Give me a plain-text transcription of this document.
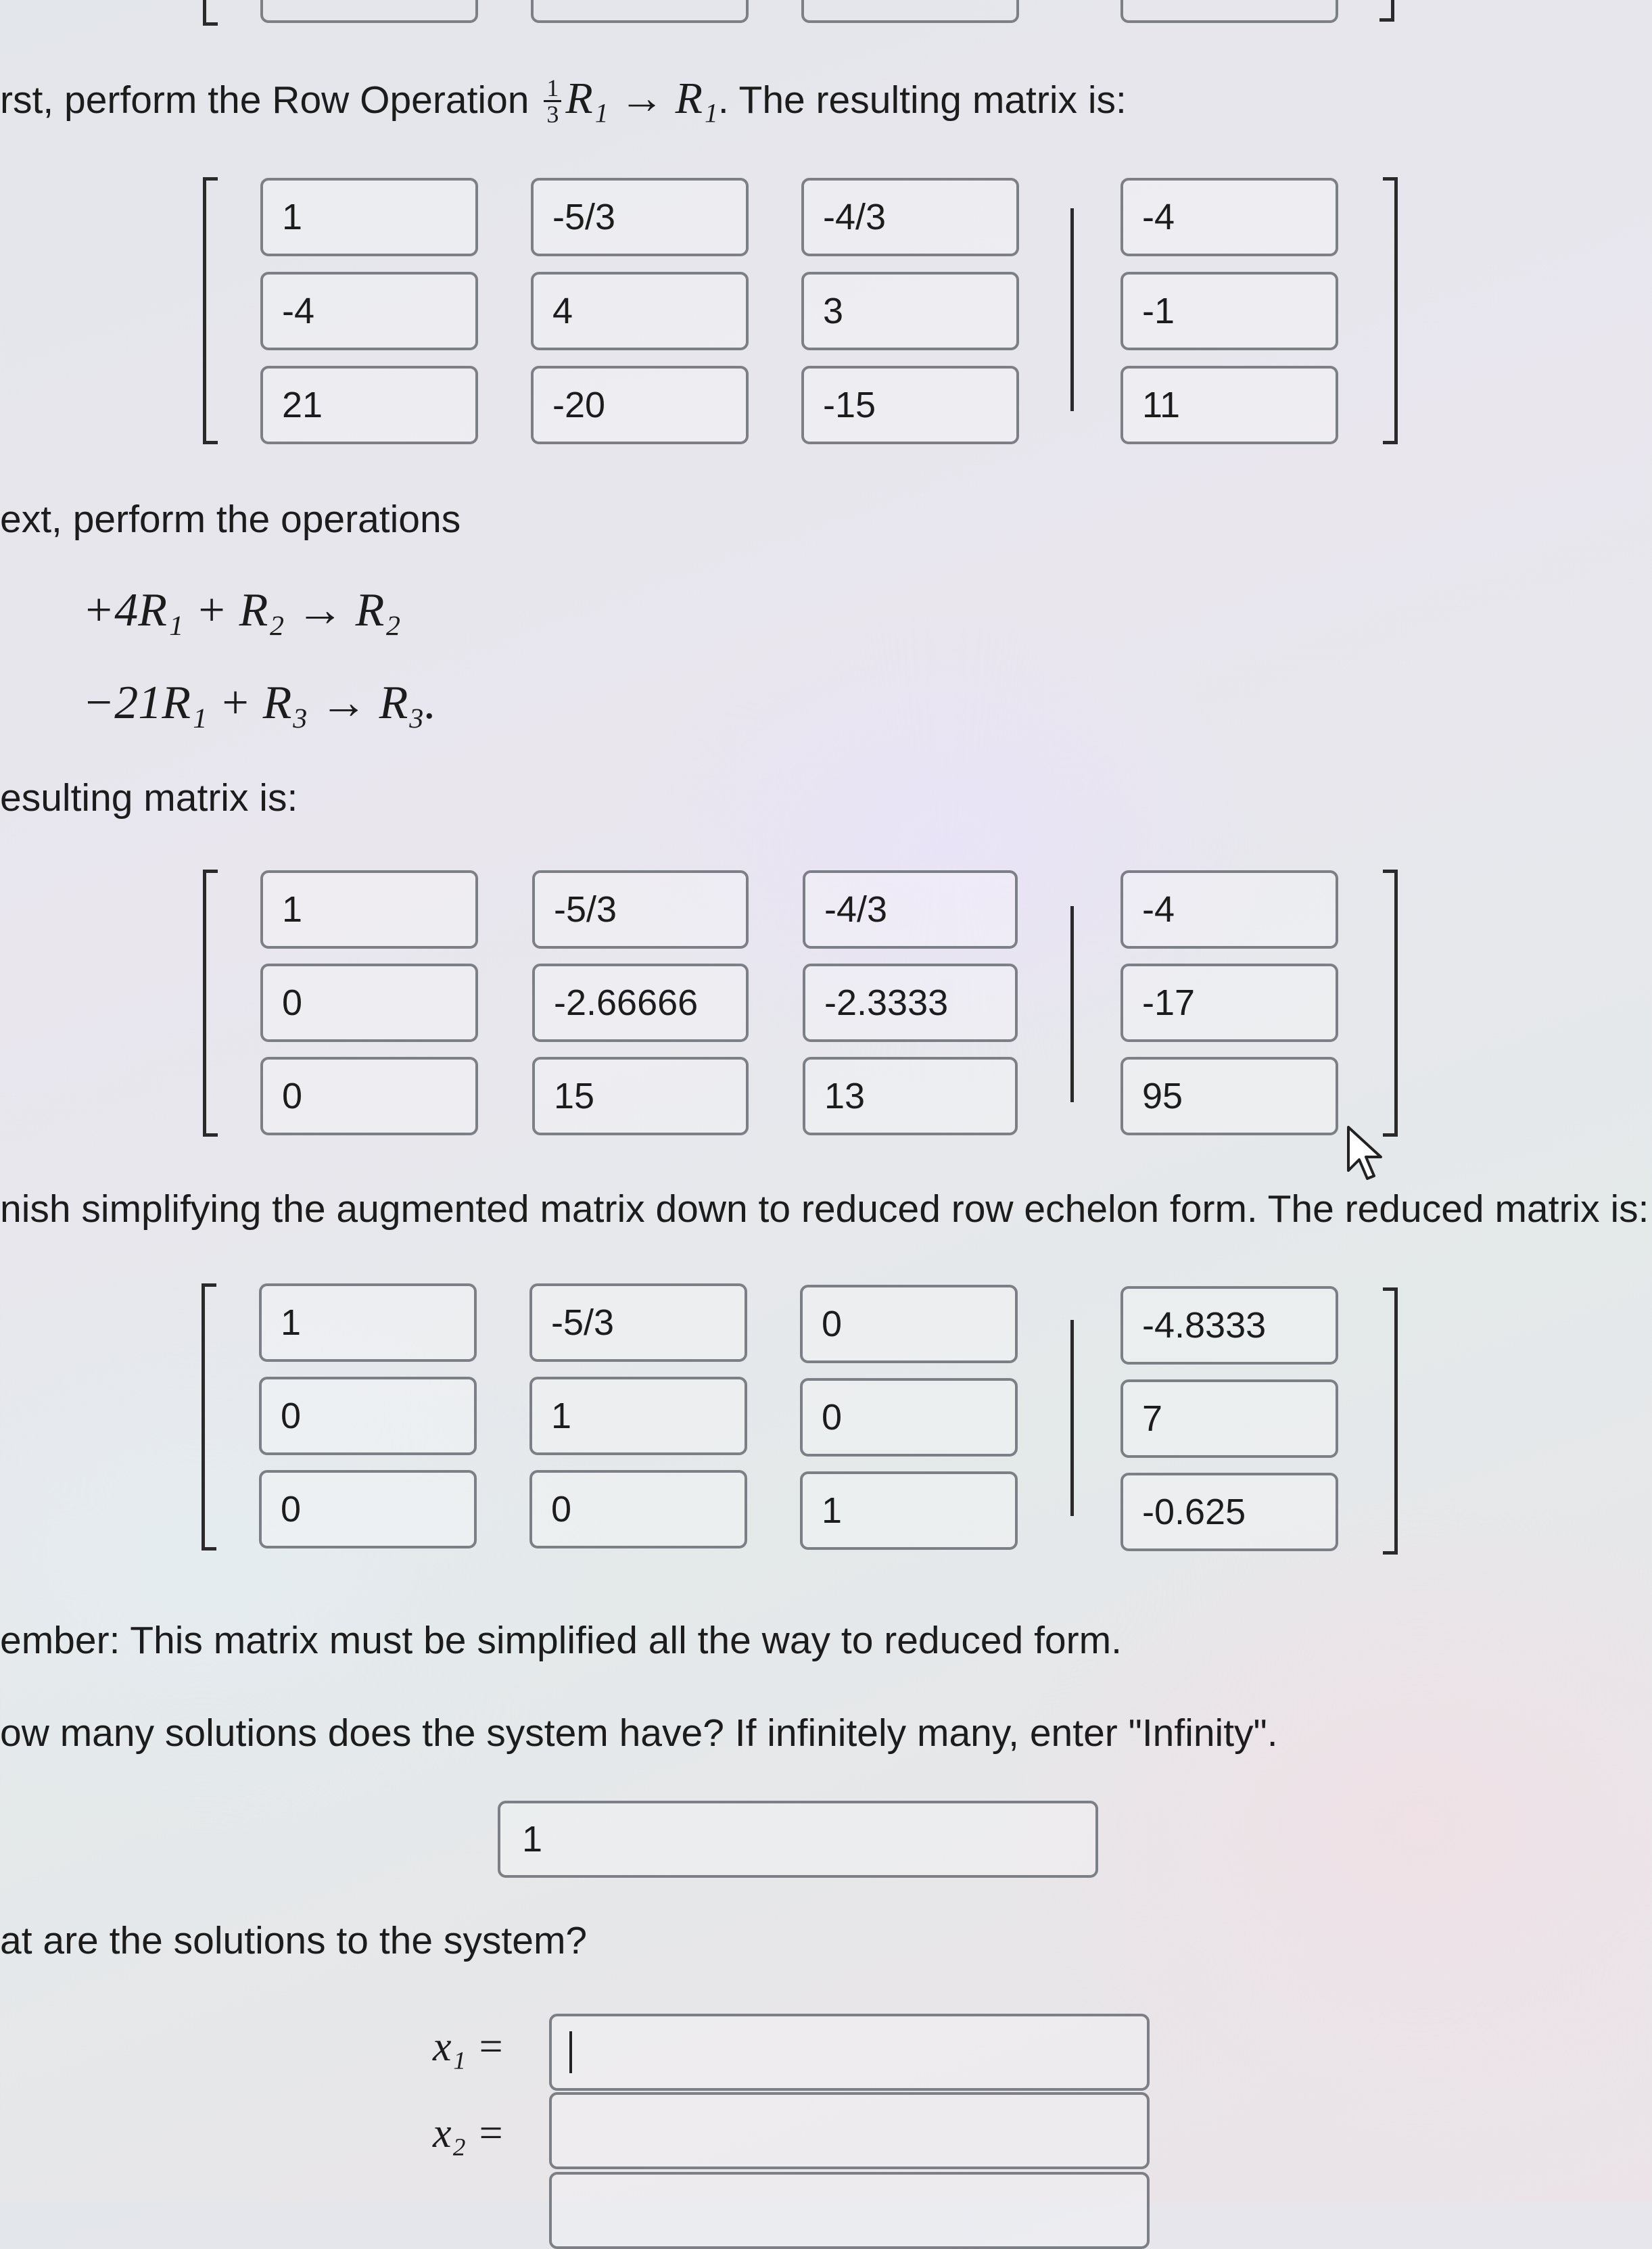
rst, perform the Row Operation $\frac{1}{3} R_1 \to R_1$. The resulting matrix is:
1	-5/3	-4/3	-4
-4	4	3	-1
21	-20	-15	11
ext, perform the operations
+4R₁ + R₂ → R₂
−21R₁ + R₃ → R₃.
esulting matrix is:
1	-5/3	-4/3	-4
0	-2.66666	-2.3333	-17
0	15	13	95
nish simplifying the augmented matrix down to reduced row echelon form. The reduced matrix is:
1	-5/3	0	-4.8333
0	1	0	7
0	0	1	-0.625
ember: This matrix must be simplified all the way to reduced form.
ow many solutions does the system have? If infinitely many, enter "Infinity".
1
at are the solutions to the system?
x₁ =
x₂ =
